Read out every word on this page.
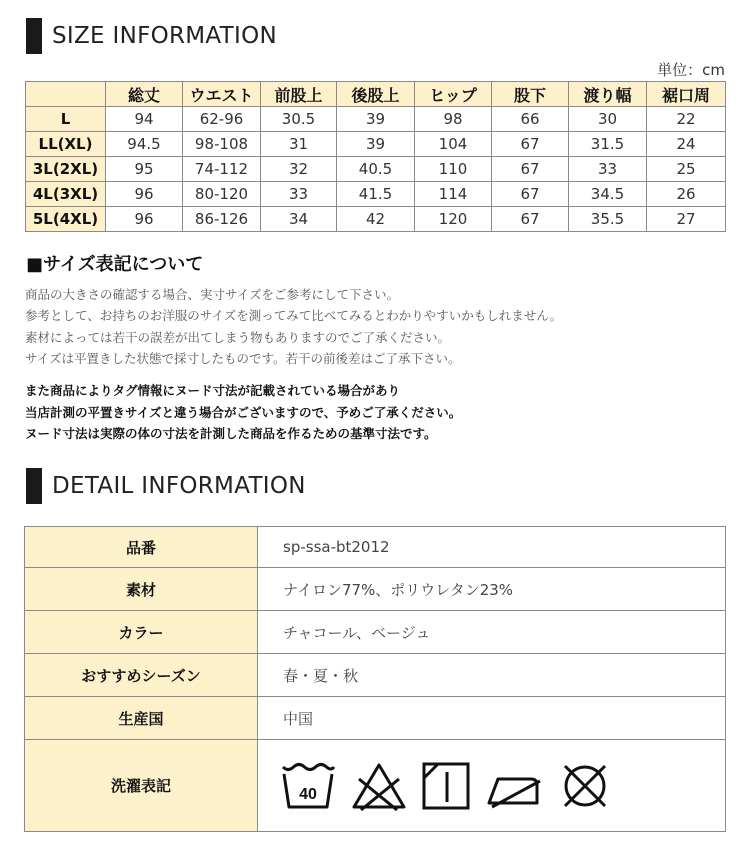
SIZE INFORMATION
単位：cm
	総丈	ウエスト	前股上	後股上	ヒップ	股下	渡り幅	裾口周
L	94	62-96	30.5	39	98	66	30	22
LL(XL)	94.5	98-108	31	39	104	67	31.5	24
3L(2XL)	95	74-112	32	40.5	110	67	33	25
4L(3XL)	96	80-120	33	41.5	114	67	34.5	26
5L(4XL)	96	86-126	34	42	120	67	35.5	27
■サイズ表記について
商品の大きさの確認する場合、実寸サイズをご参考にして下さい。
参考として、お持ちのお洋服のサイズを測ってみて比べてみるとわかりやすいかもしれません。
素材によっては若干の誤差が出てしまう物もありますのでご了承ください。
サイズは平置きした状態で採寸したものです。若干の前後差はご了承下さい。
また商品によりタグ情報にヌード寸法が記載されている場合があり
当店計測の平置きサイズと違う場合がございますので、予めご了承ください。
ヌード寸法は実際の体の寸法を計測した商品を作るための基準寸法です。
DETAIL INFORMATION
品番	sp-ssa-bt2012
素材	ナイロン77%、ポリウレタン23%
カラー	チャコール、ベージュ
おすすめシーズン	春・夏・秋
生産国	中国
洗濯表記	40
